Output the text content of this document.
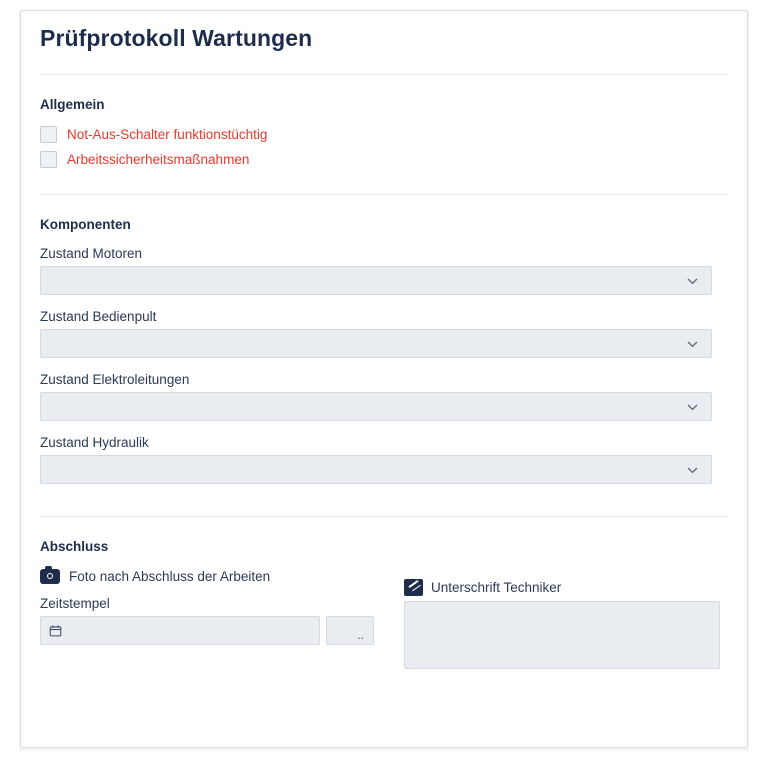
Prüfprotokoll Wartungen
Allgemein
Not-Aus-Schalter funktionstüchtig
Arbeitssicherheitsmaßnahmen
Komponenten
Zustand Motoren
Zustand Bedienpult
Zustand Elektroleitungen
Zustand Hydraulik
Abschluss
Foto nach Abschluss der Arbeiten
Zeitstempel
..
Unterschrift Techniker
